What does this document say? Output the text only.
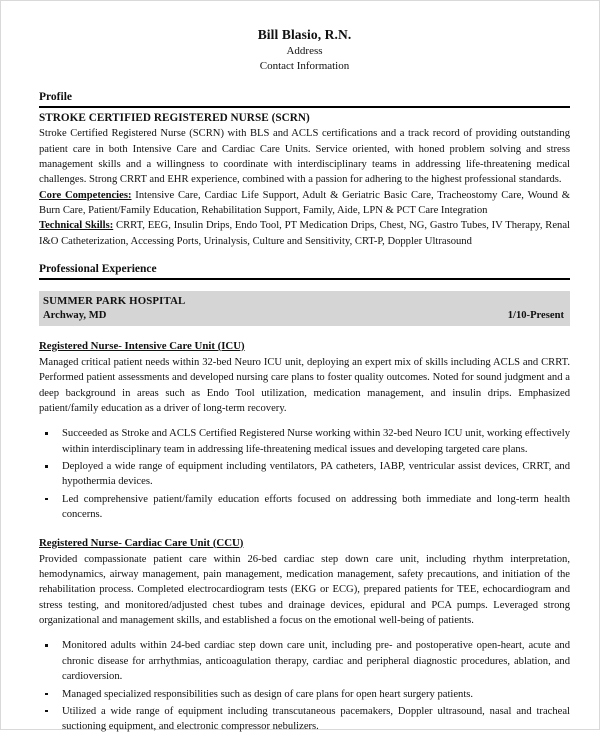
Bill Blasio, R.N.
Address
Contact Information
Profile
STROKE CERTIFIED REGISTERED NURSE (SCRN)

Stroke Certified Registered Nurse (SCRN) with BLS and ACLS certifications and a track record of providing outstanding patient care in both Intensive Care and Cardiac Care Units. Service oriented, with honed problem solving and stress management skills and a willingness to coordinate with interdisciplinary teams in addressing life-threatening medical challenges. Strong CRRT and EHR experience, combined with a passion for adhering to the highest professional standards.

Core Competencies: Intensive Care, Cardiac Life Support, Adult & Geriatric Basic Care, Tracheostomy Care, Wound & Burn Care, Patient/Family Education, Rehabilitation Support, Family, Aide, LPN & PCT Care Integration

Technical Skills: CRRT, EEG, Insulin Drips, Endo Tool, PT Medication Drips, Chest, NG, Gastro Tubes, IV Therapy, Renal I&O Catheterization, Accessing Ports, Urinalysis, Culture and Sensitivity, CRT-P, Doppler Ultrasound

Professional Experience
SUMMER PARK HOSPITAL
Archway, MD	1/10-Present
Registered Nurse- Intensive Care Unit (ICU)

Managed critical patient needs within 32-bed Neuro ICU unit, deploying an expert mix of skills including ACLS and CRRT. Performed patient assessments and developed nursing care plans to foster quality outcomes. Noted for sound judgment and a deep background in areas such as Endo Tool utilization, medication management, and insulin drips. Emphasized patient/family education as a driver of long-term recovery.

Succeeded as Stroke and ACLS Certified Registered Nurse working within 32-bed Neuro ICU unit, working effectively within interdisciplinary team in addressing life-threatening medical issues and developing targeted care plans.
Deployed a wide range of equipment including ventilators, PA catheters, IABP, ventricular assist devices, CRRT, and hypothermia devices.
Led comprehensive patient/family education efforts focused on addressing both immediate and long-term health concerns.
Registered Nurse- Cardiac Care Unit (CCU)

Provided compassionate patient care within 26-bed cardiac step down care unit, including rhythm interpretation, hemodynamics, airway management, pain management, medication management, safety precautions, and initiation of the rehabilitation process. Completed electrocardiogram tests (EKG or ECG), prepared patients for TEE, echocardiogram and stress testing, and monitored/adjusted chest tubes and drainage devices, epidural and PCA pumps. Leveraged strong organizational and management skills, and established a focus on the emotional well-being of patients.

Monitored adults within 24-bed cardiac step down care unit, including pre- and postoperative open-heart, acute and chronic disease for arrhythmias, anticoagulation therapy, cardiac and peripheral diagnostic procedures, ablation, and cardioversion.
Managed specialized responsibilities such as design of care plans for open heart surgery patients.
Utilized a wide range of equipment including transcutaneous pacemakers, Doppler ultrasound, nasal and tracheal suctioning equipment, and electronic compressor nebulizers.
